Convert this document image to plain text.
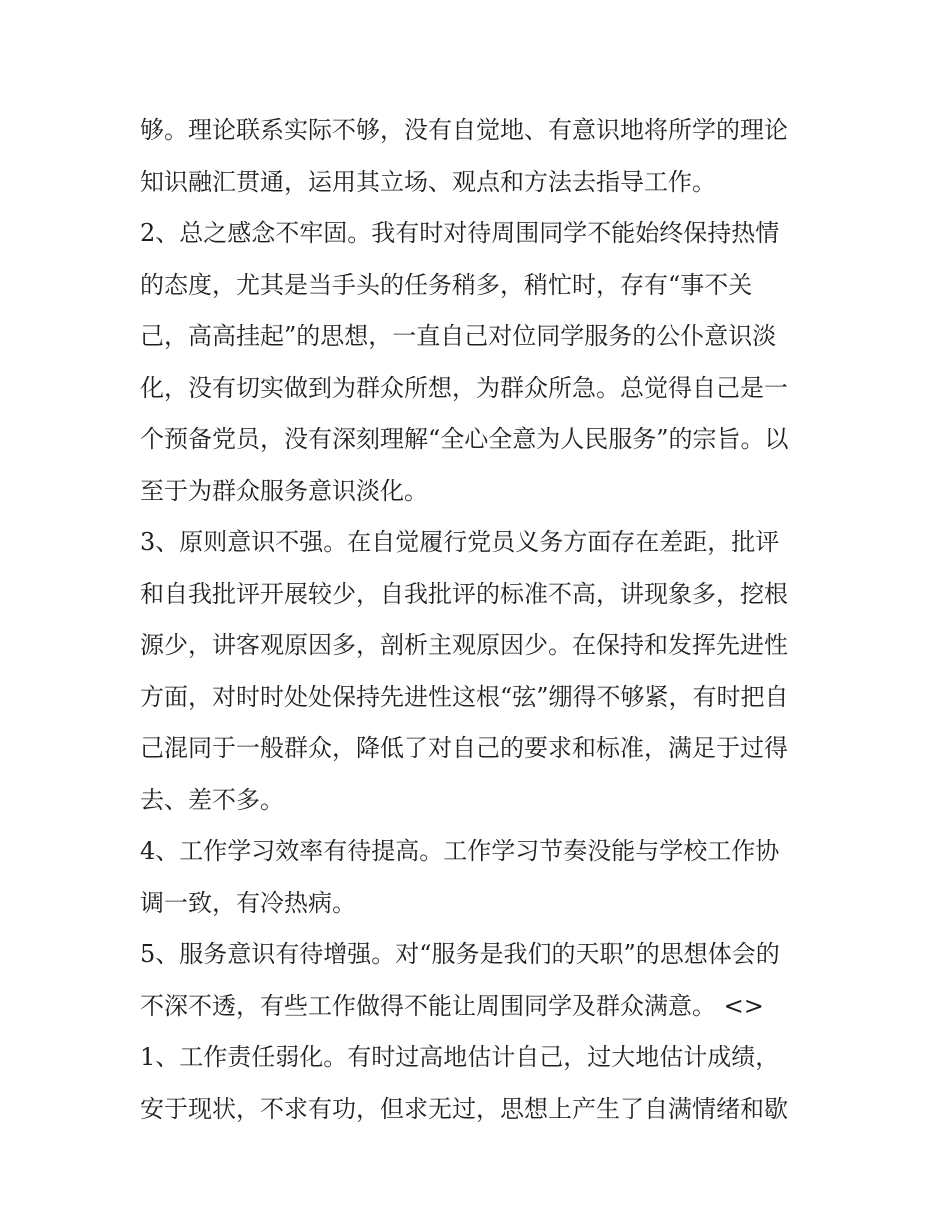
够。理论联系实际不够，没有自觉地、有意识地将所学的理论
知识融汇贯通，运用其立场、观点和方法去指导工作。
2、总之感念不牢固。我有时对待周围同学不能始终保持热情
的态度，尤其是当手头的任务稍多，稍忙时，存有“事不关
己，高高挂起”的思想，一直自己对位同学服务的公仆意识淡
化，没有切实做到为群众所想，为群众所急。总觉得自己是一
个预备党员，没有深刻理解“全心全意为人民服务”的宗旨。以
至于为群众服务意识淡化。
3、原则意识不强。在自觉履行党员义务方面存在差距，批评
和自我批评开展较少，自我批评的标准不高，讲现象多，挖根
源少，讲客观原因多，剖析主观原因少。在保持和发挥先进性
方面，对时时处处保持先进性这根“弦”绷得不够紧，有时把自
己混同于一般群众，降低了对自己的要求和标准，满足于过得
去、差不多。
4、工作学习效率有待提高。工作学习节奏没能与学校工作协
调一致，有冷热病。
5、服务意识有待增强。对“服务是我们的天职”的思想体会的
不深不透，有些工作做得不能让周围同学及群众满意。 <>
1、工作责任弱化。有时过高地估计自己，过大地估计成绩，
安于现状，不求有功，但求无过，思想上产生了自满情绪和歇
